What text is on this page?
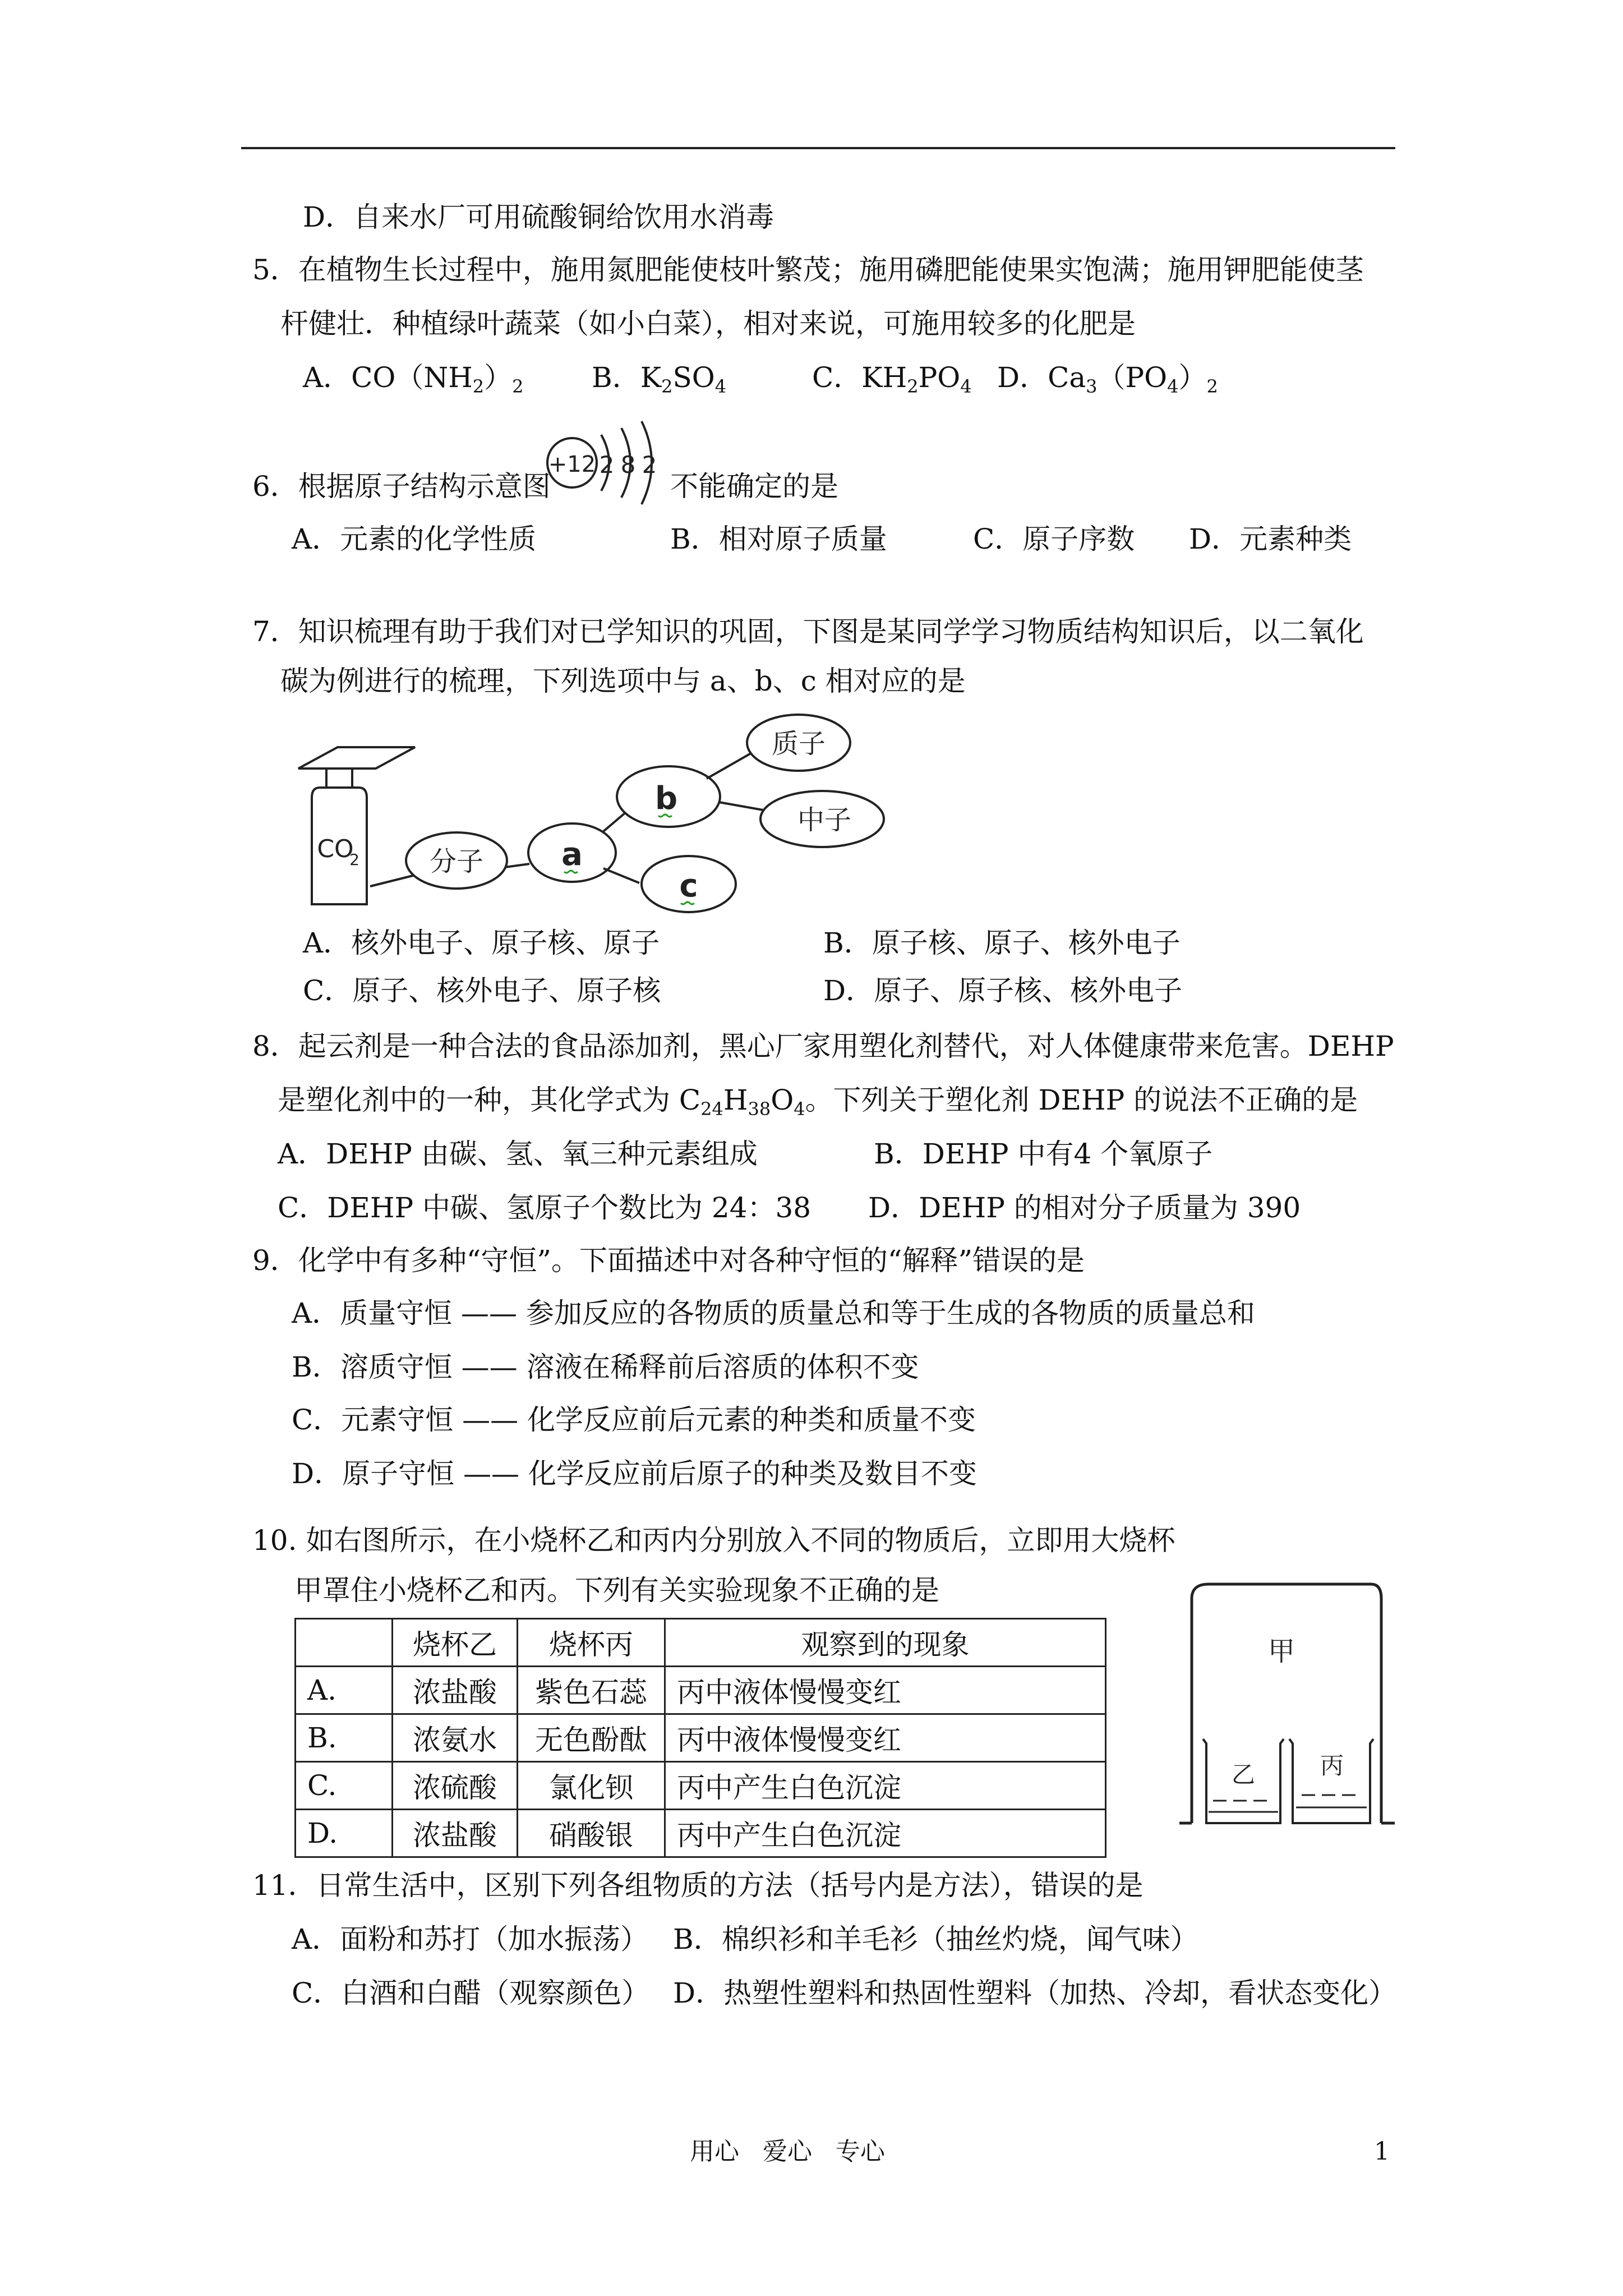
D．自来水厂可用硫酸铜给饮用水消毒
5．在植物生长过程中，施用氮肥能使枝叶繁茂；施用磷肥能使果实饱满；施用钾肥能使茎
杆健壮．种植绿叶蔬菜（如小白菜），相对来说，可施用较多的化肥是
A．$CO(NH_2)_2$ B．$K_2SO_4$	C．$KH_2PO_4$ D．$Ca_3(PO_4)_2$
6．根据原子结构示意图
+12 2 8 2
不能确定的是
A．元素的化学性质	B．相对原子质量	C．原子序数 D．元素种类
7．知识梳理有助于我们对已学知识的巩固，下图是某同学学习物质结构知识后，以二氧化
碳为例进行的梳理，下列选项中与 a、b、c 相对应的是
CO
2	分子 a
b
c
质子
中子
A．核外电子、原子核、原子	B．原子核、原子、核外电子
C．原子、核外电子、原子核	D．原子、原子核、核外电子
8．起云剂是一种合法的食品添加剂，黑心厂家用塑化剂替代，对人体健康带来危害。DEHP
是塑化剂中的一种，其化学式为 $C_{24}H_{38}O_4$。下列关于塑化剂 DEHP 的说法不正确的是
A．DEHP 由碳、氢、氧三种元素组成	B．DEHP 中有4 个氧原子
C．DEHP 中碳、氢原子个数比为 24：38 D．DEHP 的相对分子质量为 390
9．化学中有多种“守恒”。下面描述中对各种守恒的“解释”错误的是
A．质量守恒 —— 参加反应的各物质的质量总和等于生成的各物质的质量总和
B．溶质守恒 —— 溶液在稀释前后溶质的体积不变
C．元素守恒 —— 化学反应前后元素的种类和质量不变
D．原子守恒 —— 化学反应前后原子的种类及数目不变
10. 如右图所示，在小烧杯乙和丙内分别放入不同的物质后，立即用大烧杯
甲罩住小烧杯乙和丙。下列有关实验现象不正确的是
	烧杯乙	烧杯丙	观察到的现象
A.	浓盐酸	紫色石蕊	丙中液体慢慢变红
B.	浓氨水	无色酚酞	丙中液体慢慢变红
C.	浓硫酸	氯化钡	丙中产生白色沉淀
D.	浓盐酸	硝酸银	丙中产生白色沉淀
甲
乙	丙
11．日常生活中，区别下列各组物质的方法（括号内是方法），错误的是
A．面粉和苏打（加水振荡） B．棉织衫和羊毛衫（抽丝灼烧，闻气味）
C．白酒和白醋（观察颜色） D．热塑性塑料和热固性塑料（加热、冷却，看状态变化）
用心   爱心   专心	1
